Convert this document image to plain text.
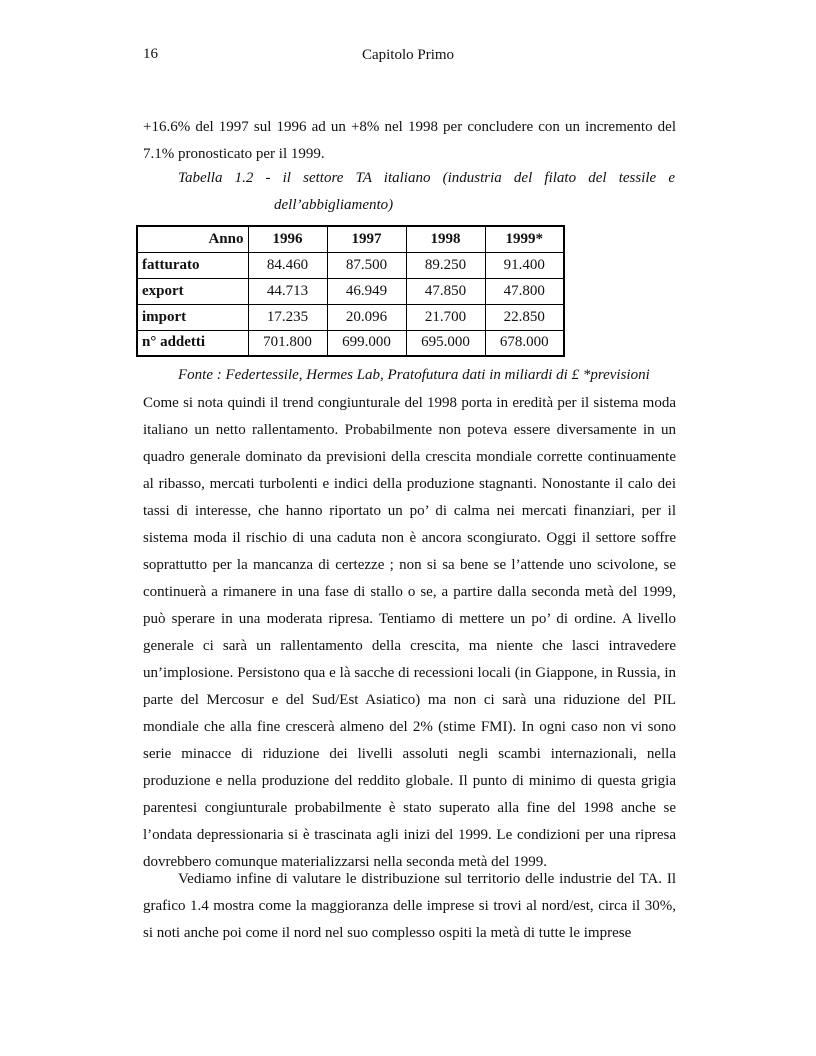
16	Capitolo Primo

+16.6% del 1997 sul 1996 ad un +8% nel 1998 per concludere con un incremento del 7.1% pronosticato per il 1999.

Tabella 1.2 - il settore TA italiano (industria del filato del tessile e

dell’abbigliamento)

Anno	1996	1997	1998	1999*
fatturato	84.460	87.500	89.250	91.400
export	44.713	46.949	47.850	47.800
import	17.235	20.096	21.700	22.850
n° addetti	701.800	699.000	695.000	678.000

Fonte : Federtessile, Hermes Lab, Pratofutura dati in miliardi di £ *previsioni

Come si nota quindi il trend congiunturale del 1998 porta in eredità per il sistema moda italiano un netto rallentamento. Probabilmente non poteva essere diversamente in un quadro generale dominato da previsioni della crescita mondiale corrette continuamente al ribasso, mercati turbolenti e indici della produzione stagnanti. Nonostante il calo dei tassi di interesse, che hanno riportato un po’ di calma nei mercati finanziari, per il sistema moda il rischio di una caduta non è ancora scongiurato. Oggi il settore soffre soprattutto per la mancanza di certezze ; non si sa bene se l’attende uno scivolone, se continuerà a rimanere in una fase di stallo o se, a partire dalla seconda metà del 1999, può sperare in una moderata ripresa. Tentiamo di mettere un po’ di ordine. A livello generale ci sarà un rallentamento della crescita, ma niente che lasci intravedere un’implosione. Persistono qua e là sacche di recessioni locali (in Giappone, in Russia, in parte del Mercosur e del Sud/Est Asiatico) ma non ci sarà una riduzione del PIL mondiale che alla fine crescerà almeno del 2% (stime FMI). In ogni caso non vi sono serie minacce di riduzione dei livelli assoluti negli scambi internazionali, nella produzione e nella produzione del reddito globale. Il punto di minimo di questa grigia parentesi congiunturale probabilmente è stato superato alla fine del 1998 anche se l’ondata depressionaria si è trascinata agli inizi del 1999. Le condizioni per una ripresa dovrebbero comunque materializzarsi nella seconda metà del 1999.

Vediamo infine di valutare le distribuzione sul territorio delle industrie del TA. Il grafico 1.4 mostra come la maggioranza delle imprese si trovi al nord/est, circa il 30%, si noti anche poi come il nord nel suo complesso ospiti la metà di tutte le imprese
